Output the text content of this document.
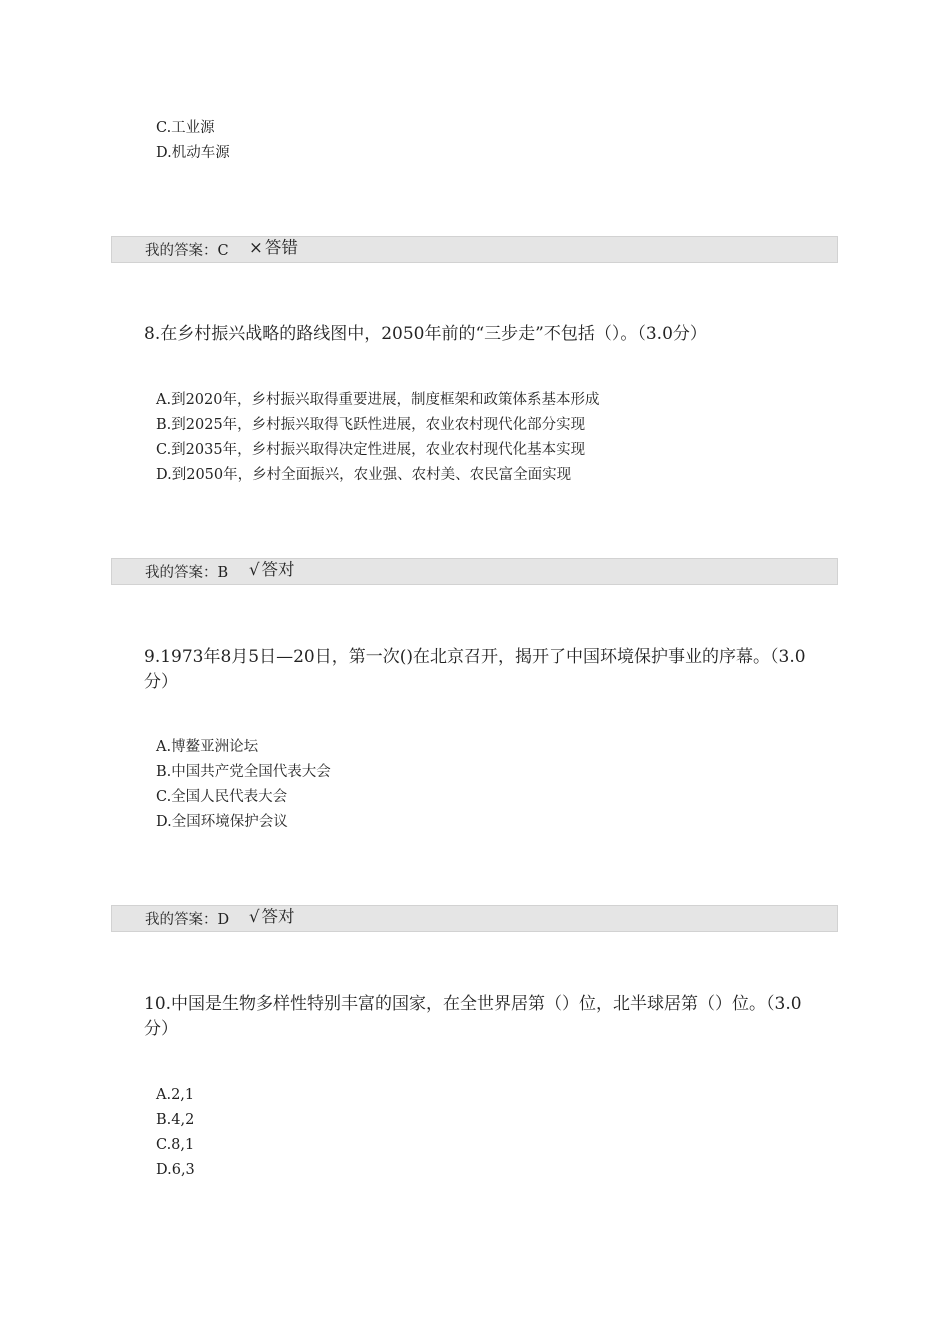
C.工业源
D.机动车源
我的答案：C × 答错
8.在乡村振兴战略的路线图中，2050年前的“三步走”不包括（）。（3.0分）
A.到2020年，乡村振兴取得重要进展，制度框架和政策体系基本形成
B.到2025年，乡村振兴取得飞跃性进展，农业农村现代化部分实现
C.到2035年，乡村振兴取得决定性进展，农业农村现代化基本实现
D.到2050年，乡村全面振兴，农业强、农村美、农民富全面实现
我的答案：B √ 答对
9.1973年8月5日—20日，第一次()在北京召开，揭开了中国环境保护事业的序幕。（3.0分）
A.博鳌亚洲论坛
B.中国共产党全国代表大会
C.全国人民代表大会
D.全国环境保护会议
我的答案：D √ 答对
10.中国是生物多样性特别丰富的国家，在全世界居第（）位，北半球居第（）位。（3.0分）
A.2,1
B.4,2
C.8,1
D.6,3
